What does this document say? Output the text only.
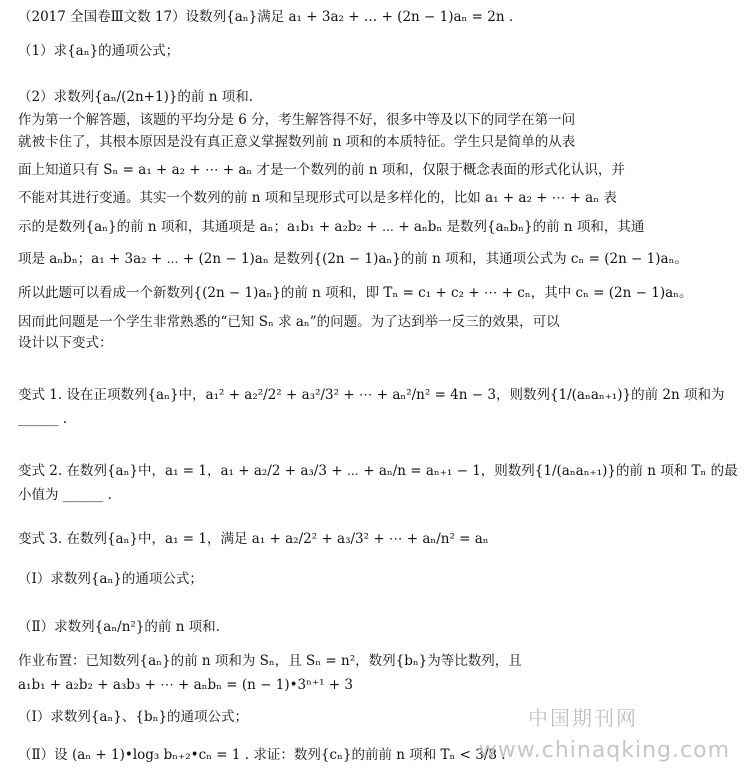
（2017 全国卷Ⅲ文数 17）设数列{aₙ}满足 a₁ + 3a₂ + … + (2n − 1)aₙ = 2n .
（1）求{aₙ}的通项公式；
（2）求数列{aₙ/(2n+1)}的前 n 项和.
作为第一个解答题，该题的平均分是 6 分，考生解答得不好，很多中等及以下的同学在第一问
就被卡住了，其根本原因是没有真正意义掌握数列前 n 项和的本质特征。学生只是简单的从表
面上知道只有 Sₙ = a₁ + a₂ + ⋯ + aₙ 才是一个数列的前 n 项和，仅限于概念表面的形式化认识，并
不能对其进行变通。其实一个数列的前 n 项和呈现形式可以是多样化的，比如 a₁ + a₂ + ⋯ + aₙ 表
示的是数列{aₙ}的前 n 项和，其通项是 aₙ；a₁b₁ + a₂b₂ + ⋯ + aₙbₙ 是数列{aₙbₙ}的前 n 项和，其通
项是 aₙbₙ；a₁ + 3a₂ + ⋯ + (2n − 1)aₙ 是数列{(2n − 1)aₙ}的前 n 项和，其通项公式为 cₙ = (2n − 1)aₙ。
所以此题可以看成一个新数列{(2n − 1)aₙ}的前 n 项和，即 Tₙ = c₁ + c₂ + ⋯ + cₙ，其中 cₙ = (2n − 1)aₙ。
因而此问题是一个学生非常熟悉的“已知 Sₙ 求 aₙ”的问题。为了达到举一反三的效果，可以
设计以下变式：
变式 1. 设在正项数列{aₙ}中，a₁² + a₂²/2² + a₃²/3² + ⋯ + aₙ²/n² = 4n − 3，则数列{1/(aₙaₙ₊₁)}的前 2n 项和为
______ .
变式 2. 在数列{aₙ}中，a₁ = 1，a₁ + a₂/2 + a₃/3 + ⋯ + aₙ/n = aₙ₊₁ − 1，则数列{1/(aₙaₙ₊₁)}的前 n 项和 Tₙ 的最
小值为 ______ .
变式 3. 在数列{aₙ}中，a₁ = 1，满足 a₁ + a₂/2² + a₃/3² + ⋯ + aₙ/n² = aₙ
（Ⅰ）求数列{aₙ}的通项公式；
（Ⅱ）求数列{aₙ/n²}的前 n 项和.
作业布置：已知数列{aₙ}的前 n 项和为 Sₙ，且 Sₙ = n²，数列{bₙ}为等比数列，且
a₁b₁ + a₂b₂ + a₃b₃ + ⋯ + aₙbₙ = (n − 1)•3ⁿ⁺¹ + 3
（Ⅰ）求数列{aₙ}、{bₙ}的通项公式；
（Ⅱ）设 (aₙ + 1)•log₃ bₙ₊₂•cₙ = 1 . 求证：数列{cₙ}的前前 n 项和 Tₙ < 3/8 .
中国期刊网
www.chinaqking.com
